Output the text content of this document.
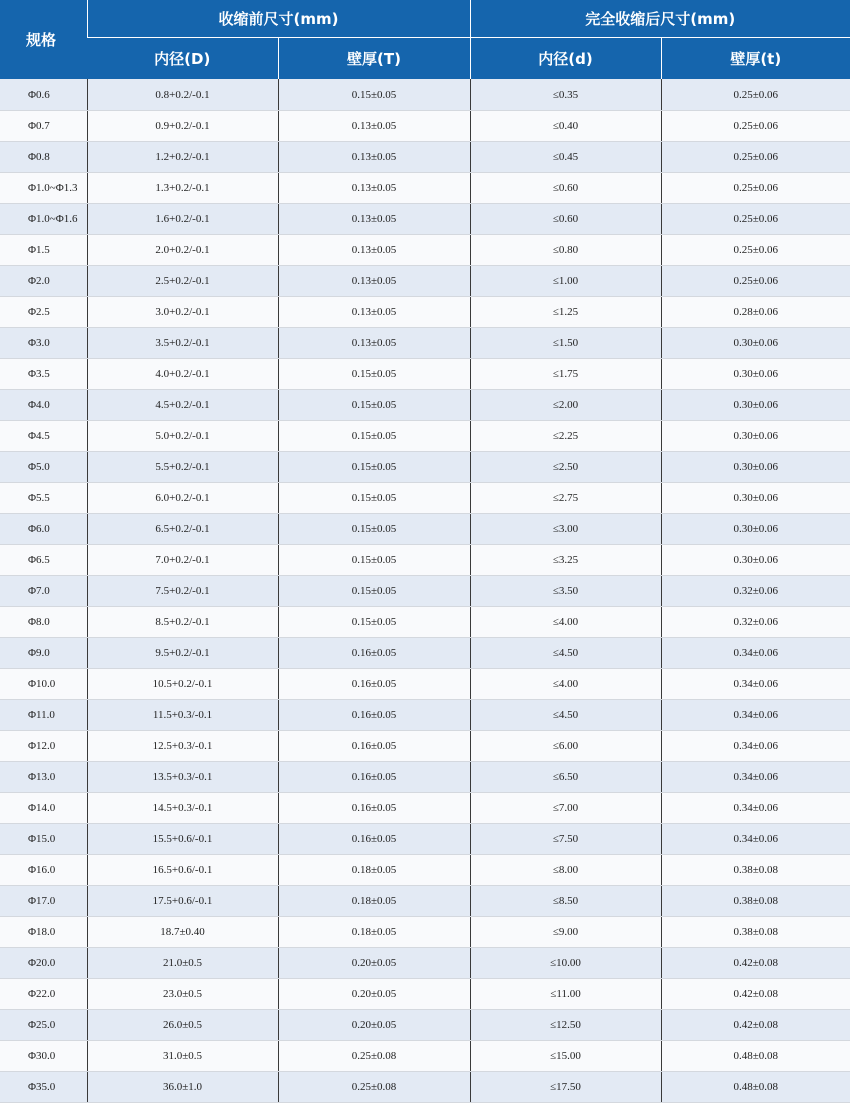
规格	收缩前尺寸(mm)		完全收缩后尺寸(mm)	
	内径(D)	壁厚(T)	内径(d)	壁厚(t)
Φ0.6	0.8+0.2/-0.1	0.15±0.05	≤0.35	0.25±0.06
Φ0.7	0.9+0.2/-0.1	0.13±0.05	≤0.40	0.25±0.06
Φ0.8	1.2+0.2/-0.1	0.13±0.05	≤0.45	0.25±0.06
Φ1.0~Φ1.3	1.3+0.2/-0.1	0.13±0.05	≤0.60	0.25±0.06
Φ1.0~Φ1.6	1.6+0.2/-0.1	0.13±0.05	≤0.60	0.25±0.06
Φ1.5	2.0+0.2/-0.1	0.13±0.05	≤0.80	0.25±0.06
Φ2.0	2.5+0.2/-0.1	0.13±0.05	≤1.00	0.25±0.06
Φ2.5	3.0+0.2/-0.1	0.13±0.05	≤1.25	0.28±0.06
Φ3.0	3.5+0.2/-0.1	0.13±0.05	≤1.50	0.30±0.06
Φ3.5	4.0+0.2/-0.1	0.15±0.05	≤1.75	0.30±0.06
Φ4.0	4.5+0.2/-0.1	0.15±0.05	≤2.00	0.30±0.06
Φ4.5	5.0+0.2/-0.1	0.15±0.05	≤2.25	0.30±0.06
Φ5.0	5.5+0.2/-0.1	0.15±0.05	≤2.50	0.30±0.06
Φ5.5	6.0+0.2/-0.1	0.15±0.05	≤2.75	0.30±0.06
Φ6.0	6.5+0.2/-0.1	0.15±0.05	≤3.00	0.30±0.06
Φ6.5	7.0+0.2/-0.1	0.15±0.05	≤3.25	0.30±0.06
Φ7.0	7.5+0.2/-0.1	0.15±0.05	≤3.50	0.32±0.06
Φ8.0	8.5+0.2/-0.1	0.15±0.05	≤4.00	0.32±0.06
Φ9.0	9.5+0.2/-0.1	0.16±0.05	≤4.50	0.34±0.06
Φ10.0	10.5+0.2/-0.1	0.16±0.05	≤4.00	0.34±0.06
Φ11.0	11.5+0.3/-0.1	0.16±0.05	≤4.50	0.34±0.06
Φ12.0	12.5+0.3/-0.1	0.16±0.05	≤6.00	0.34±0.06
Φ13.0	13.5+0.3/-0.1	0.16±0.05	≤6.50	0.34±0.06
Φ14.0	14.5+0.3/-0.1	0.16±0.05	≤7.00	0.34±0.06
Φ15.0	15.5+0.6/-0.1	0.16±0.05	≤7.50	0.34±0.06
Φ16.0	16.5+0.6/-0.1	0.18±0.05	≤8.00	0.38±0.08
Φ17.0	17.5+0.6/-0.1	0.18±0.05	≤8.50	0.38±0.08
Φ18.0	18.7±0.40	0.18±0.05	≤9.00	0.38±0.08
Φ20.0	21.0±0.5	0.20±0.05	≤10.00	0.42±0.08
Φ22.0	23.0±0.5	0.20±0.05	≤11.00	0.42±0.08
Φ25.0	26.0±0.5	0.20±0.05	≤12.50	0.42±0.08
Φ30.0	31.0±0.5	0.25±0.08	≤15.00	0.48±0.08
Φ35.0	36.0±1.0	0.25±0.08	≤17.50	0.48±0.08
